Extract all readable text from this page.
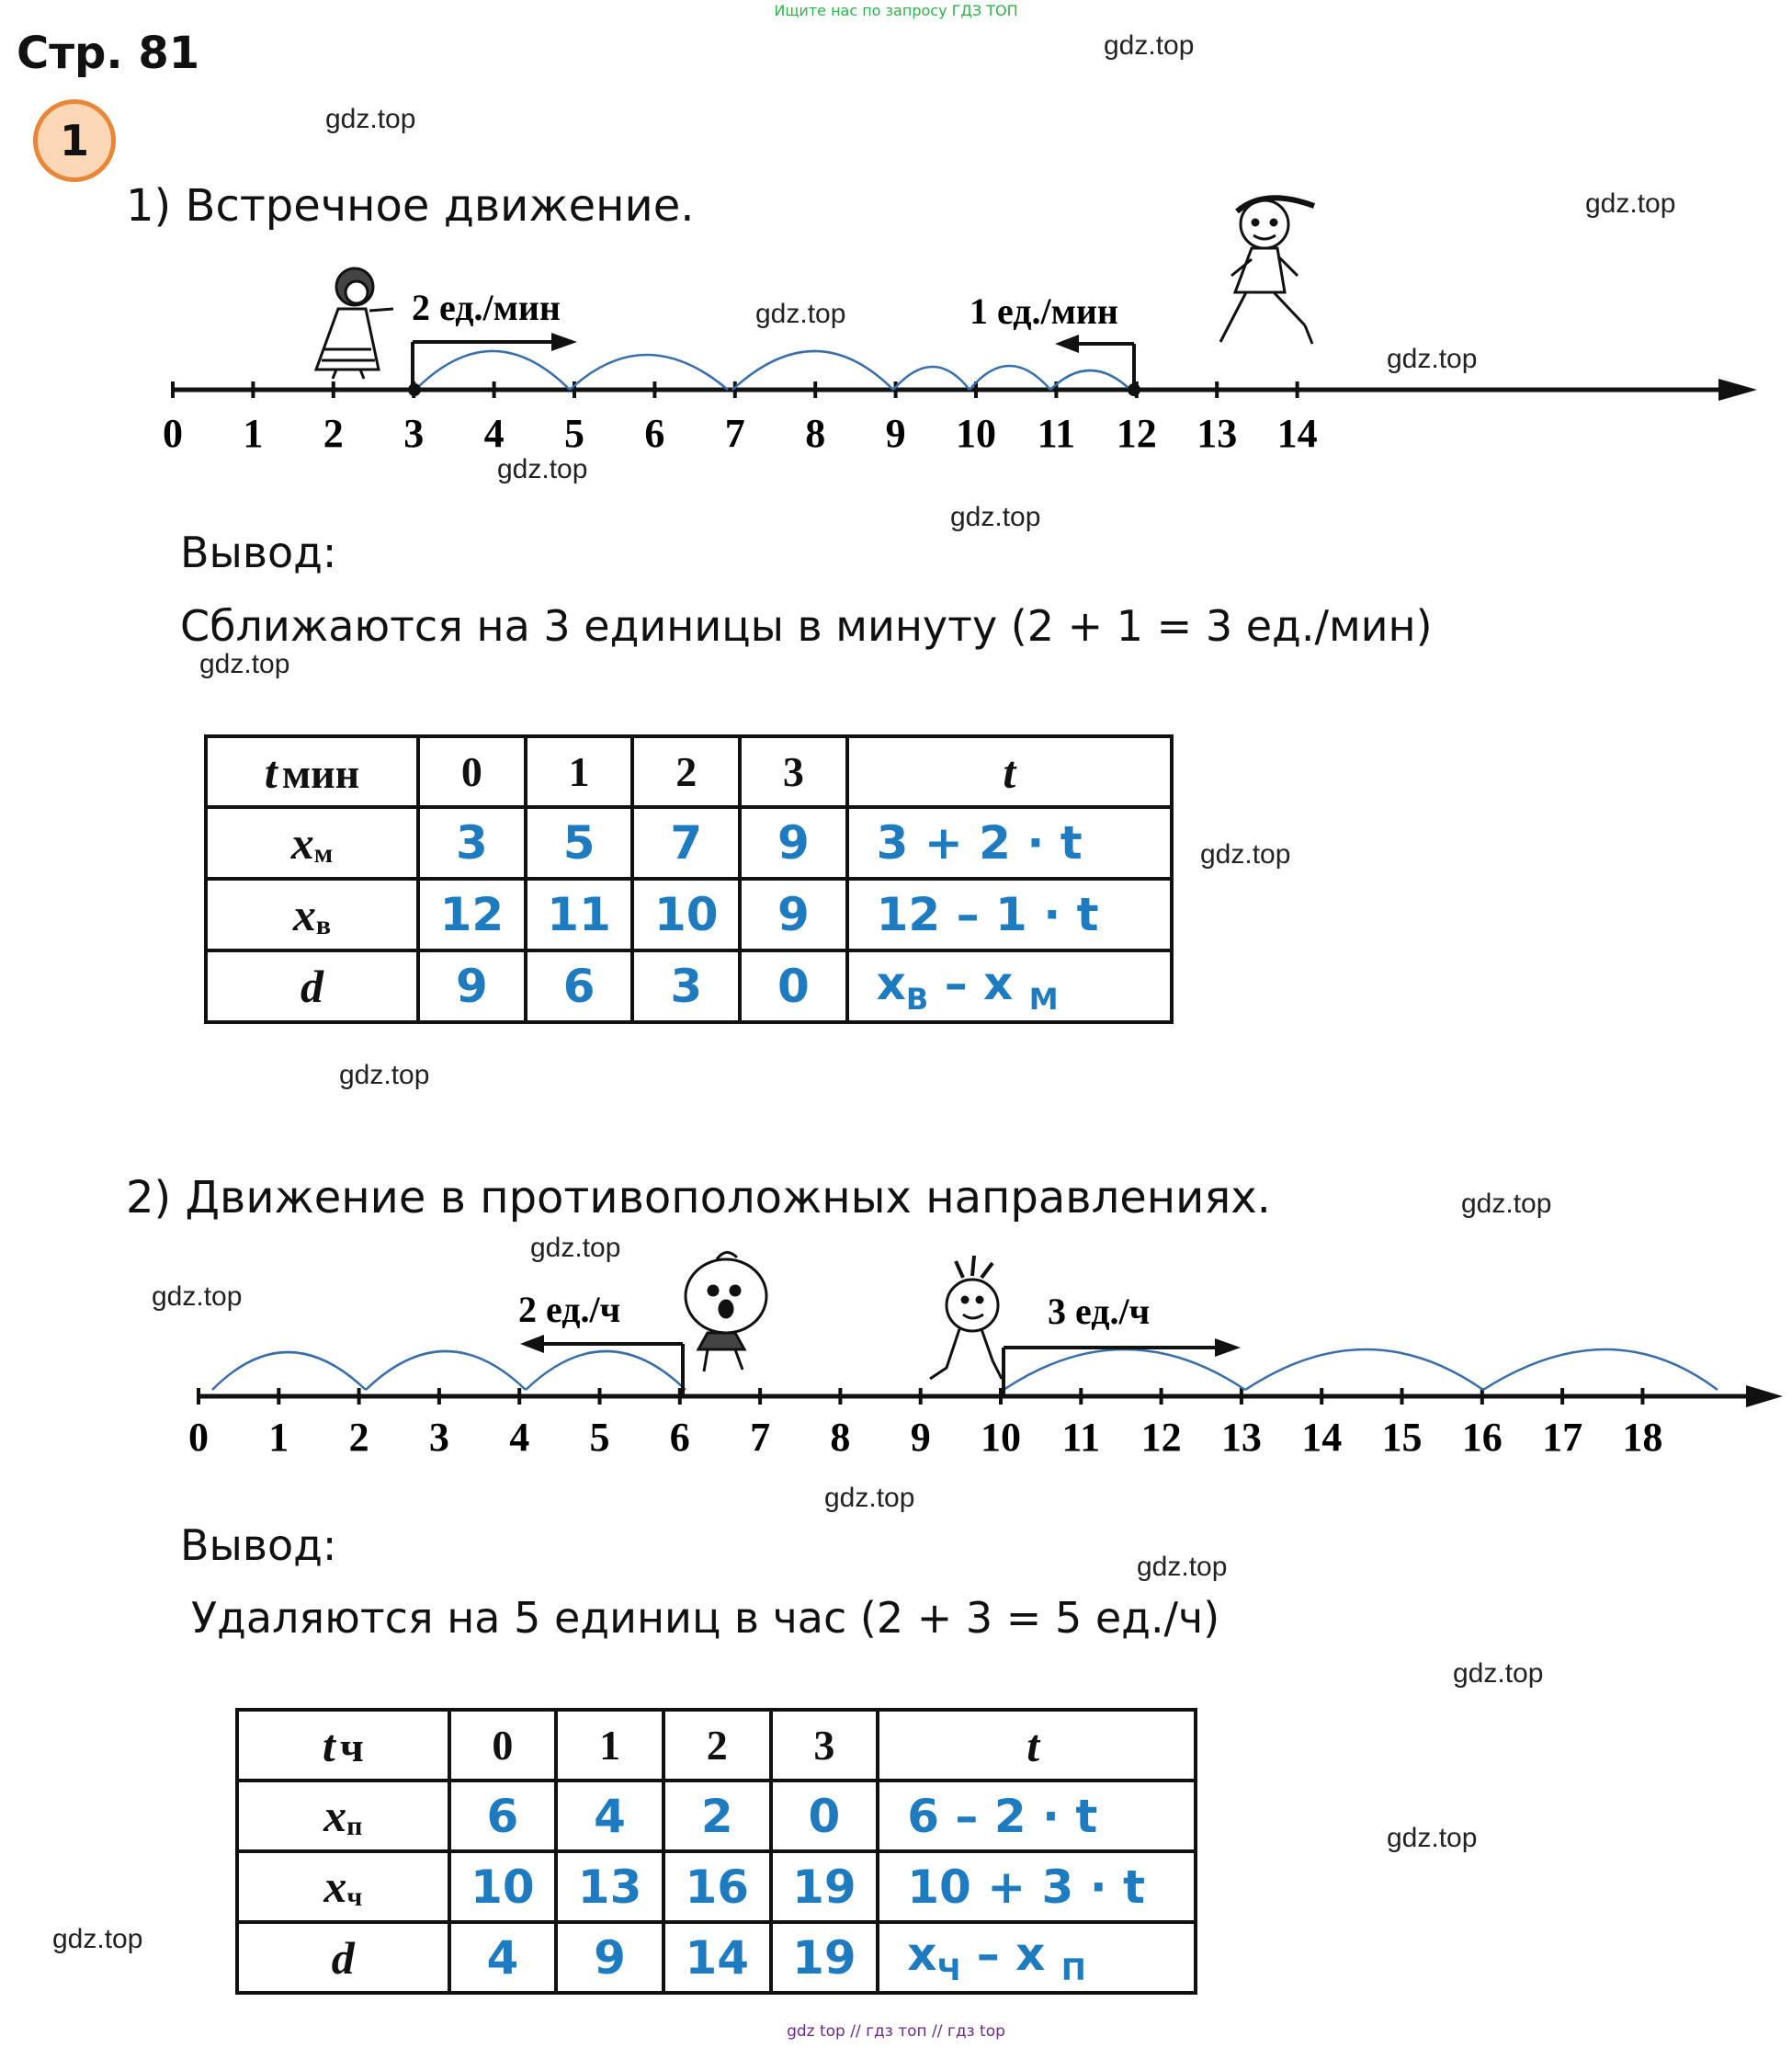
Ищите нас по запросу ГДЗ ТОП
Стр. 81
1
gdz.top
gdz.top
gdz.top
gdz.top
gdz.top
gdz.top
gdz.top
gdz.top
gdz.top
gdz.top
gdz.top
gdz.top
gdz.top
gdz.top
gdz.top
gdz.top
gdz.top
gdz.top
1) Встречное движение.
0 1 2 3 4 5 6 7 8 9 10 11 12 13 14
2 ед./мин	1 ед./мин
Вывод:
Сближаются на 3 единицы в минуту (2 + 1 = 3 ед./мин)
t мин	0	1	2	3	t
$x_м$	3	5	7	9	3 + 2 · t
$x_в$	12	11	10	9	12 – 1 · t
d	9	6	3	0	$x_В$ – x $_М$
2) Движение в противоположных направлениях.
0 1 2 3 4 5 6 7 8 9 10 11 12 13 14 15 16 17 18
2 ед./ч	3 ед./ч
Вывод:
Удаляются на 5 единиц в час (2 + 3 = 5 ед./ч)
t ч	0	1	2	3	t
$x_п$	6	4	2	0	6 – 2 · t
$x_ч$	10	13	16	19	10 + 3 · t
d	4	9	14	19	$x_Ч$ – x $_П$
gdz top // гдз топ // гдз top
